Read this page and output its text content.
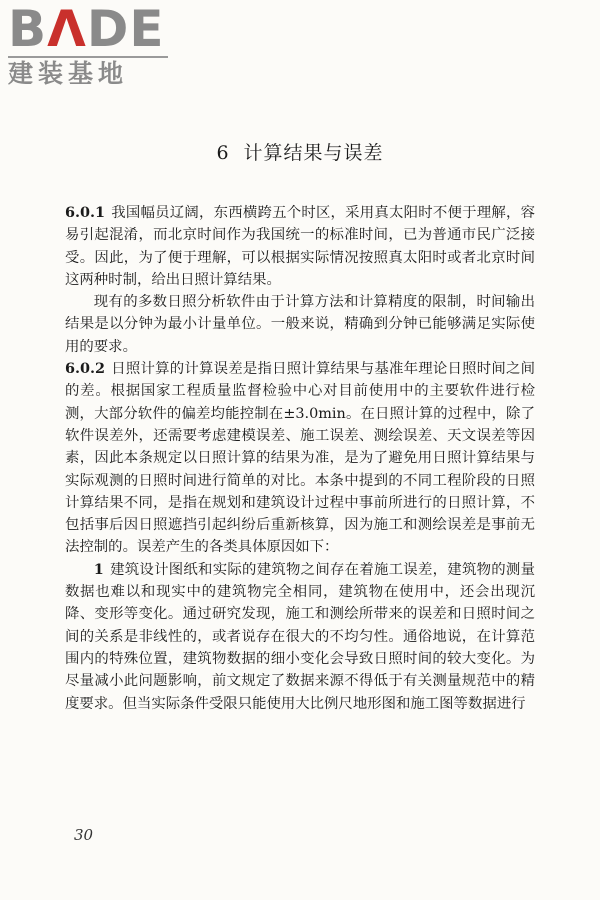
BΛDE
建装基地
6 计算结果与误差

6.0.1 我国幅员辽阔，东西横跨五个时区，采用真太阳时不便于理解，容易引起混淆，而北京时间作为我国统一的标准时间，已为普通市民广泛接受。因此，为了便于理解，可以根据实际情况按照真太阳时或者北京时间这两种时制，给出日照计算结果。

现有的多数日照分析软件由于计算方法和计算精度的限制，时间输出结果是以分钟为最小计量单位。一般来说，精确到分钟已能够满足实际使用的要求。

6.0.2 日照计算的计算误差是指日照计算结果与基准年理论日照时间之间的差。根据国家工程质量监督检验中心对目前使用中的主要软件进行检测，大部分软件的偏差均能控制在±3.0min。在日照计算的过程中，除了软件误差外，还需要考虑建模误差、施工误差、测绘误差、天文误差等因素，因此本条规定以日照计算的结果为准，是为了避免用日照计算结果与实际观测的日照时间进行简单的对比。本条中提到的不同工程阶段的日照计算结果不同，是指在规划和建筑设计过程中事前所进行的日照计算，不包括事后因日照遮挡引起纠纷后重新核算，因为施工和测绘误差是事前无法控制的。误差产生的各类具体原因如下：

1 建筑设计图纸和实际的建筑物之间存在着施工误差，建筑物的测量数据也难以和现实中的建筑物完全相同，建筑物在使用中，还会出现沉降、变形等变化。通过研究发现，施工和测绘所带来的误差和日照时间之间的关系是非线性的，或者说存在很大的不均匀性。通俗地说，在计算范围内的特殊位置，建筑物数据的细小变化会导致日照时间的较大变化。为尽量减小此问题影响，前文规定了数据来源不得低于有关测量规范中的精度要求。但当实际条件受限只能使用大比例尺地形图和施工图等数据进行

30
